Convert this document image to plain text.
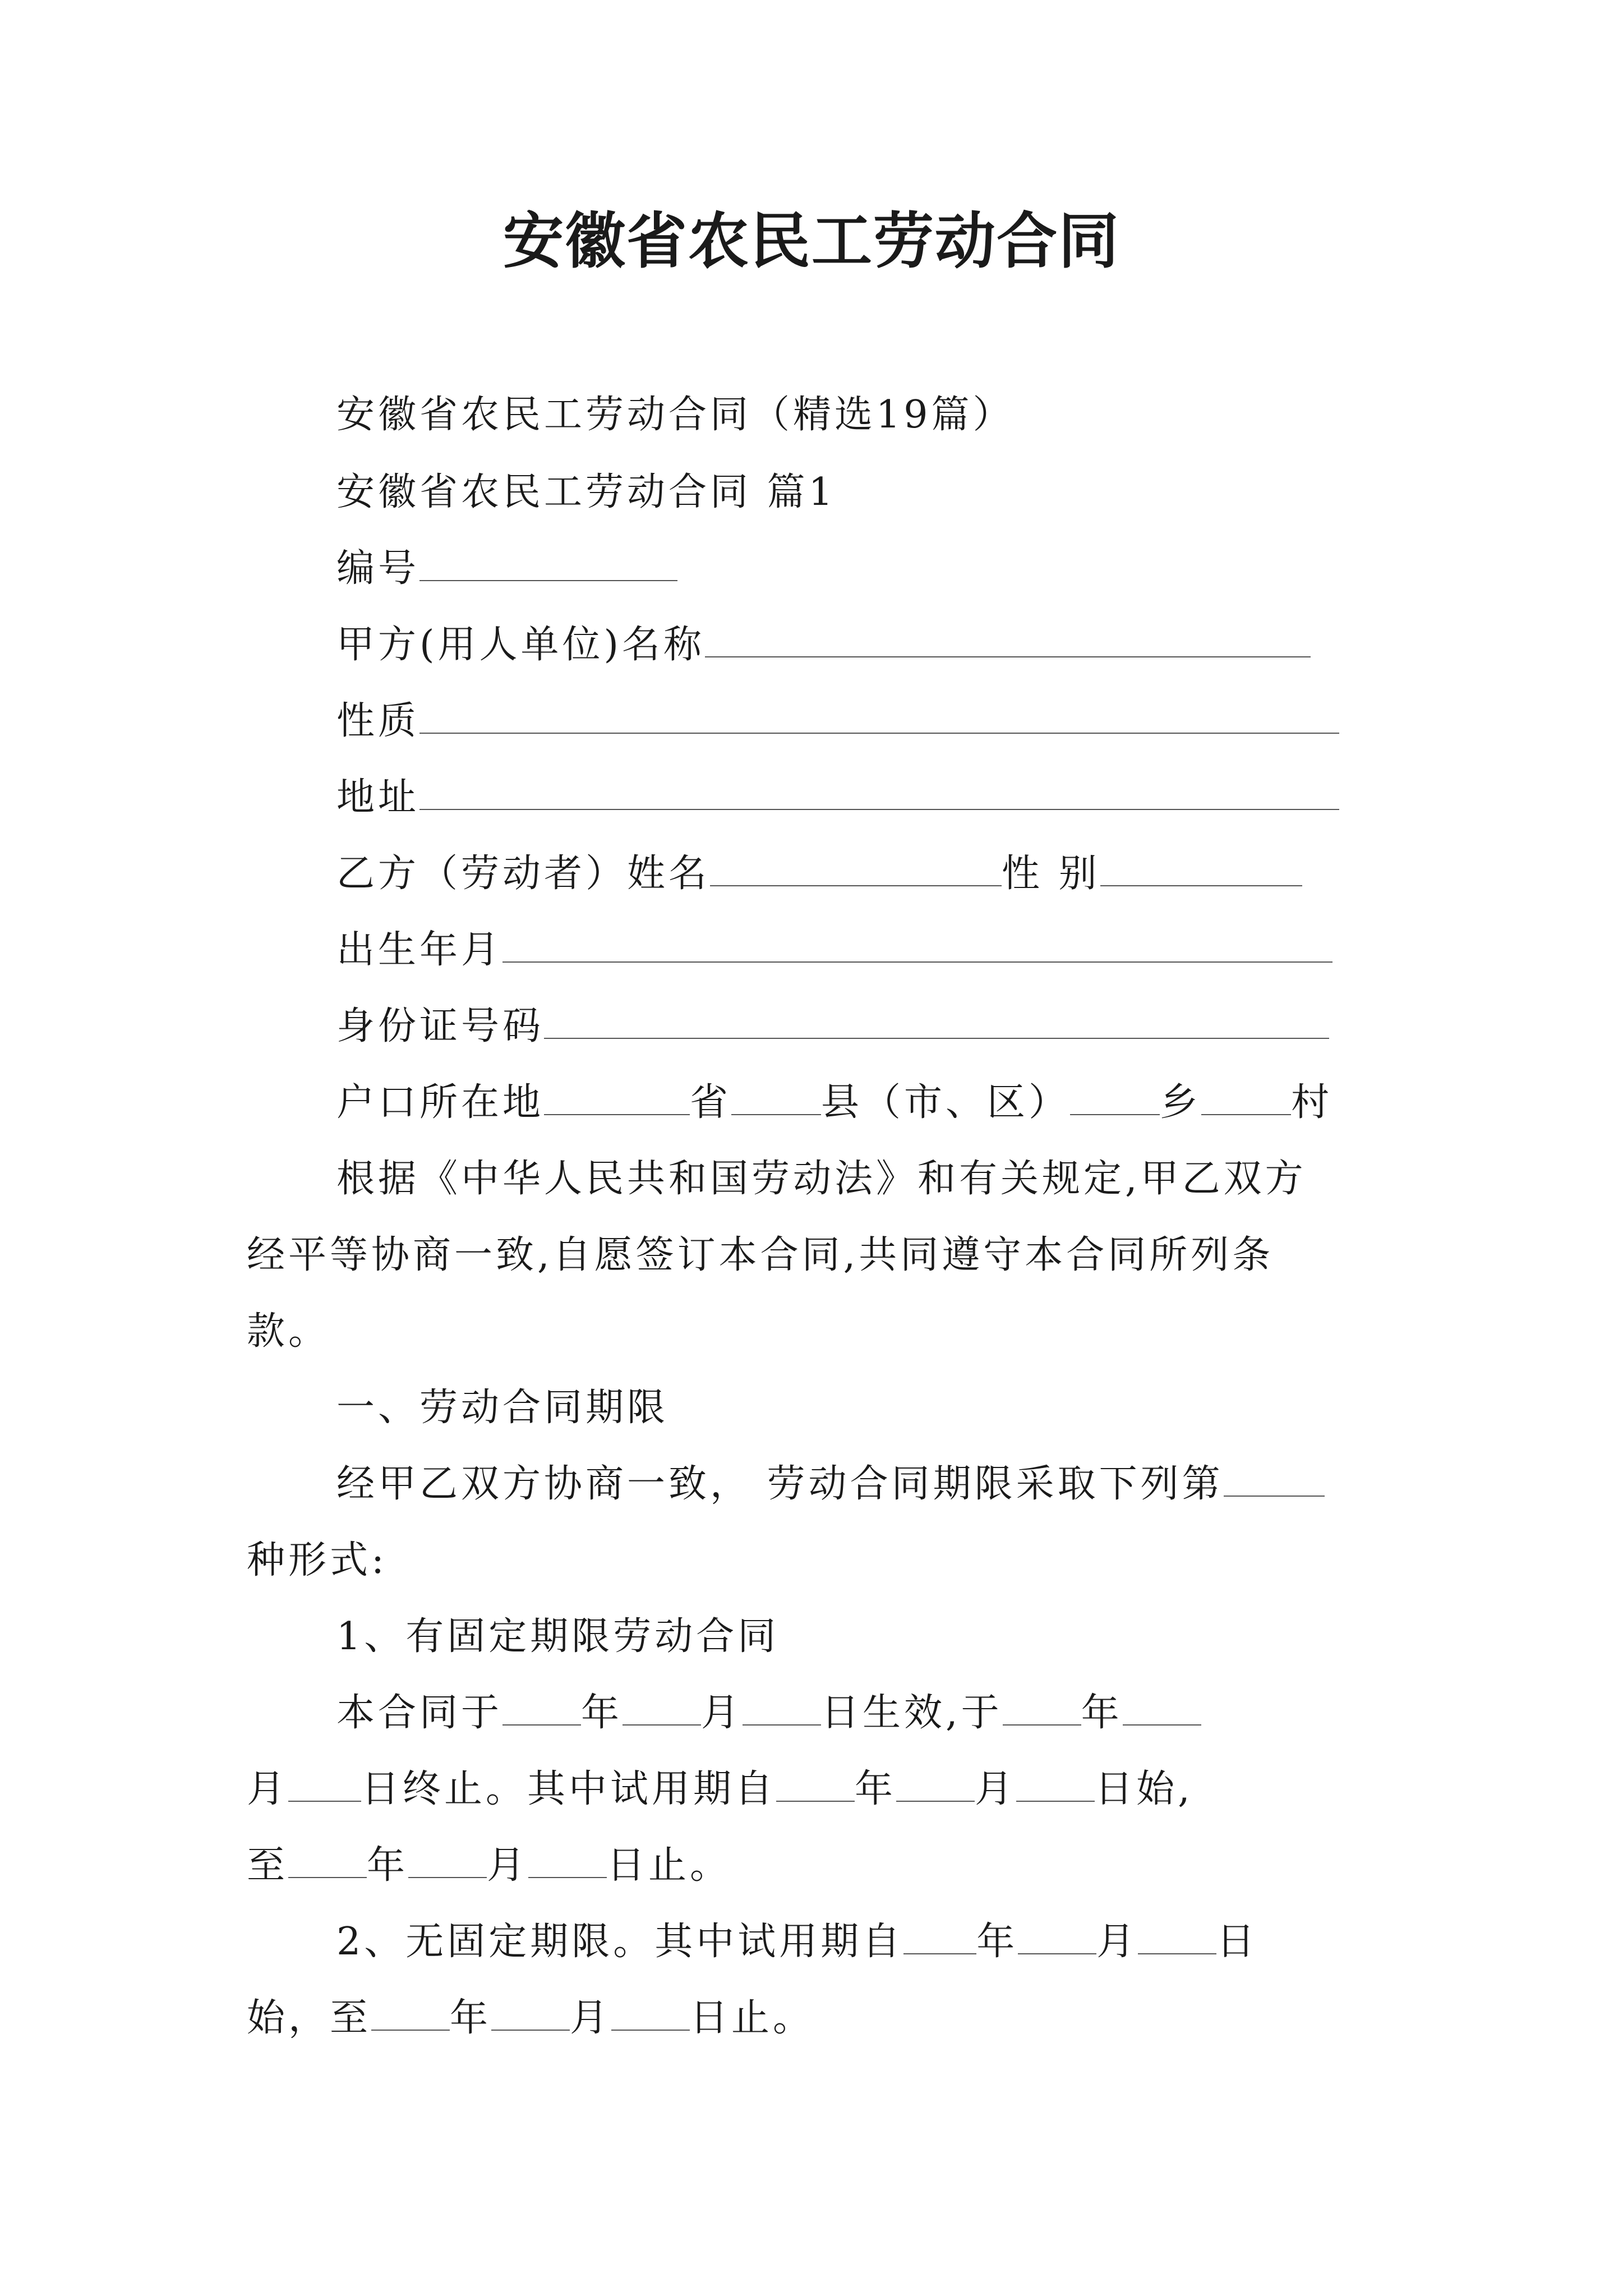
安徽省农民工劳动合同
安徽省农民工劳动合同（精选19篇）
安徽省农民工劳动合同 篇1
编号
甲方(用人单位)名称
性质
地址
乙方（劳动者）姓名	性 别
出生年月
身份证号码
户口所在地	省 县（市、区） 乡 村
根据《中华人民共和国劳动法》和有关规定,甲乙双方
经平等协商一致,自愿签订本合同,共同遵守本合同所列条
款。
一、劳动合同期限
经甲乙双方协商一致， 劳动合同期限采取下列第
种形式:
1、有固定期限劳动合同
本合同于 年 月 日生效,于 年
月 日终止。其中试用期自 年 月 日始,
至 年 月 日止。
2、无固定期限。其中试用期自 年 月 日
始，至 年 月 日止。
